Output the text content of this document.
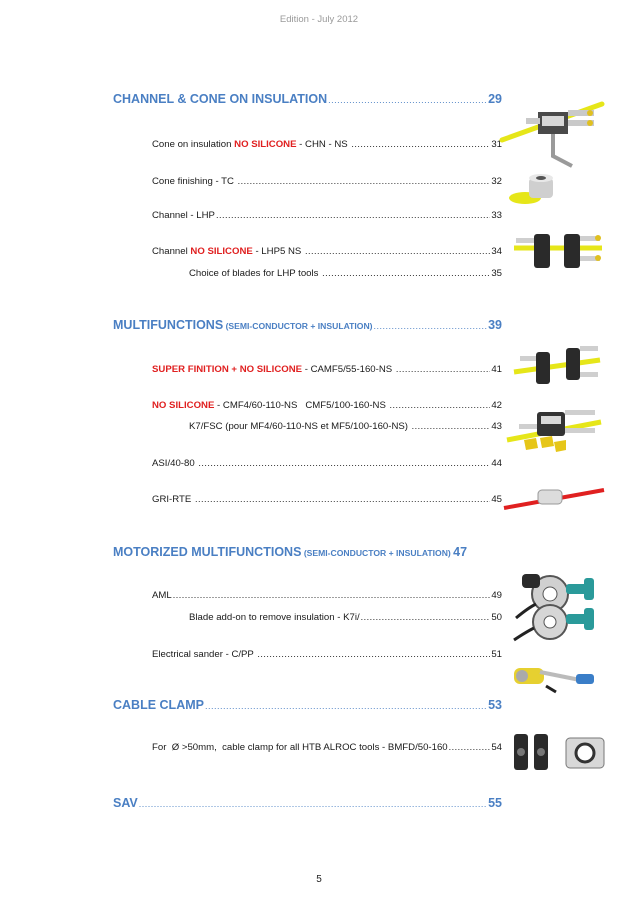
Edition - July 2012
CHANNEL & CONE ON INSULATION .....	29
Cone on insulation NO SILICONE - CHN - NS .....	31
Cone finishing - TC .....	32
Channel - LHP .....	33
Channel NO SILICONE - LHP5 NS .....	34
Choice of blades for LHP tools .....	35
MULTIFUNCTIONS (SEMI-CONDUCTOR + INSULATION) .....	39
SUPER FINITION + NO SILICONE - CAMF5/55-160-NS .....	41
NO SILICONE - CMF4/60-110-NS   CMF5/100-160-NS .....	42
K7/FSC (pour MF4/60-110-NS et MF5/100-160-NS) .....	43
ASI/40-80 .....	44
GRI-RTE .....	45
MOTORIZED MULTIFUNCTIONS (SEMI-CONDUCTOR + INSULATION) 47
AML .....	49
Blade add-on to remove insulation - K7i/ .....	50
Electrical sander - C/PP .....	51
CABLE CLAMP .....	53
For  Ø >50mm,  cable clamp for all HTB ALROC tools - BMFD/50-160 .....	54
SAV .....	55
5
